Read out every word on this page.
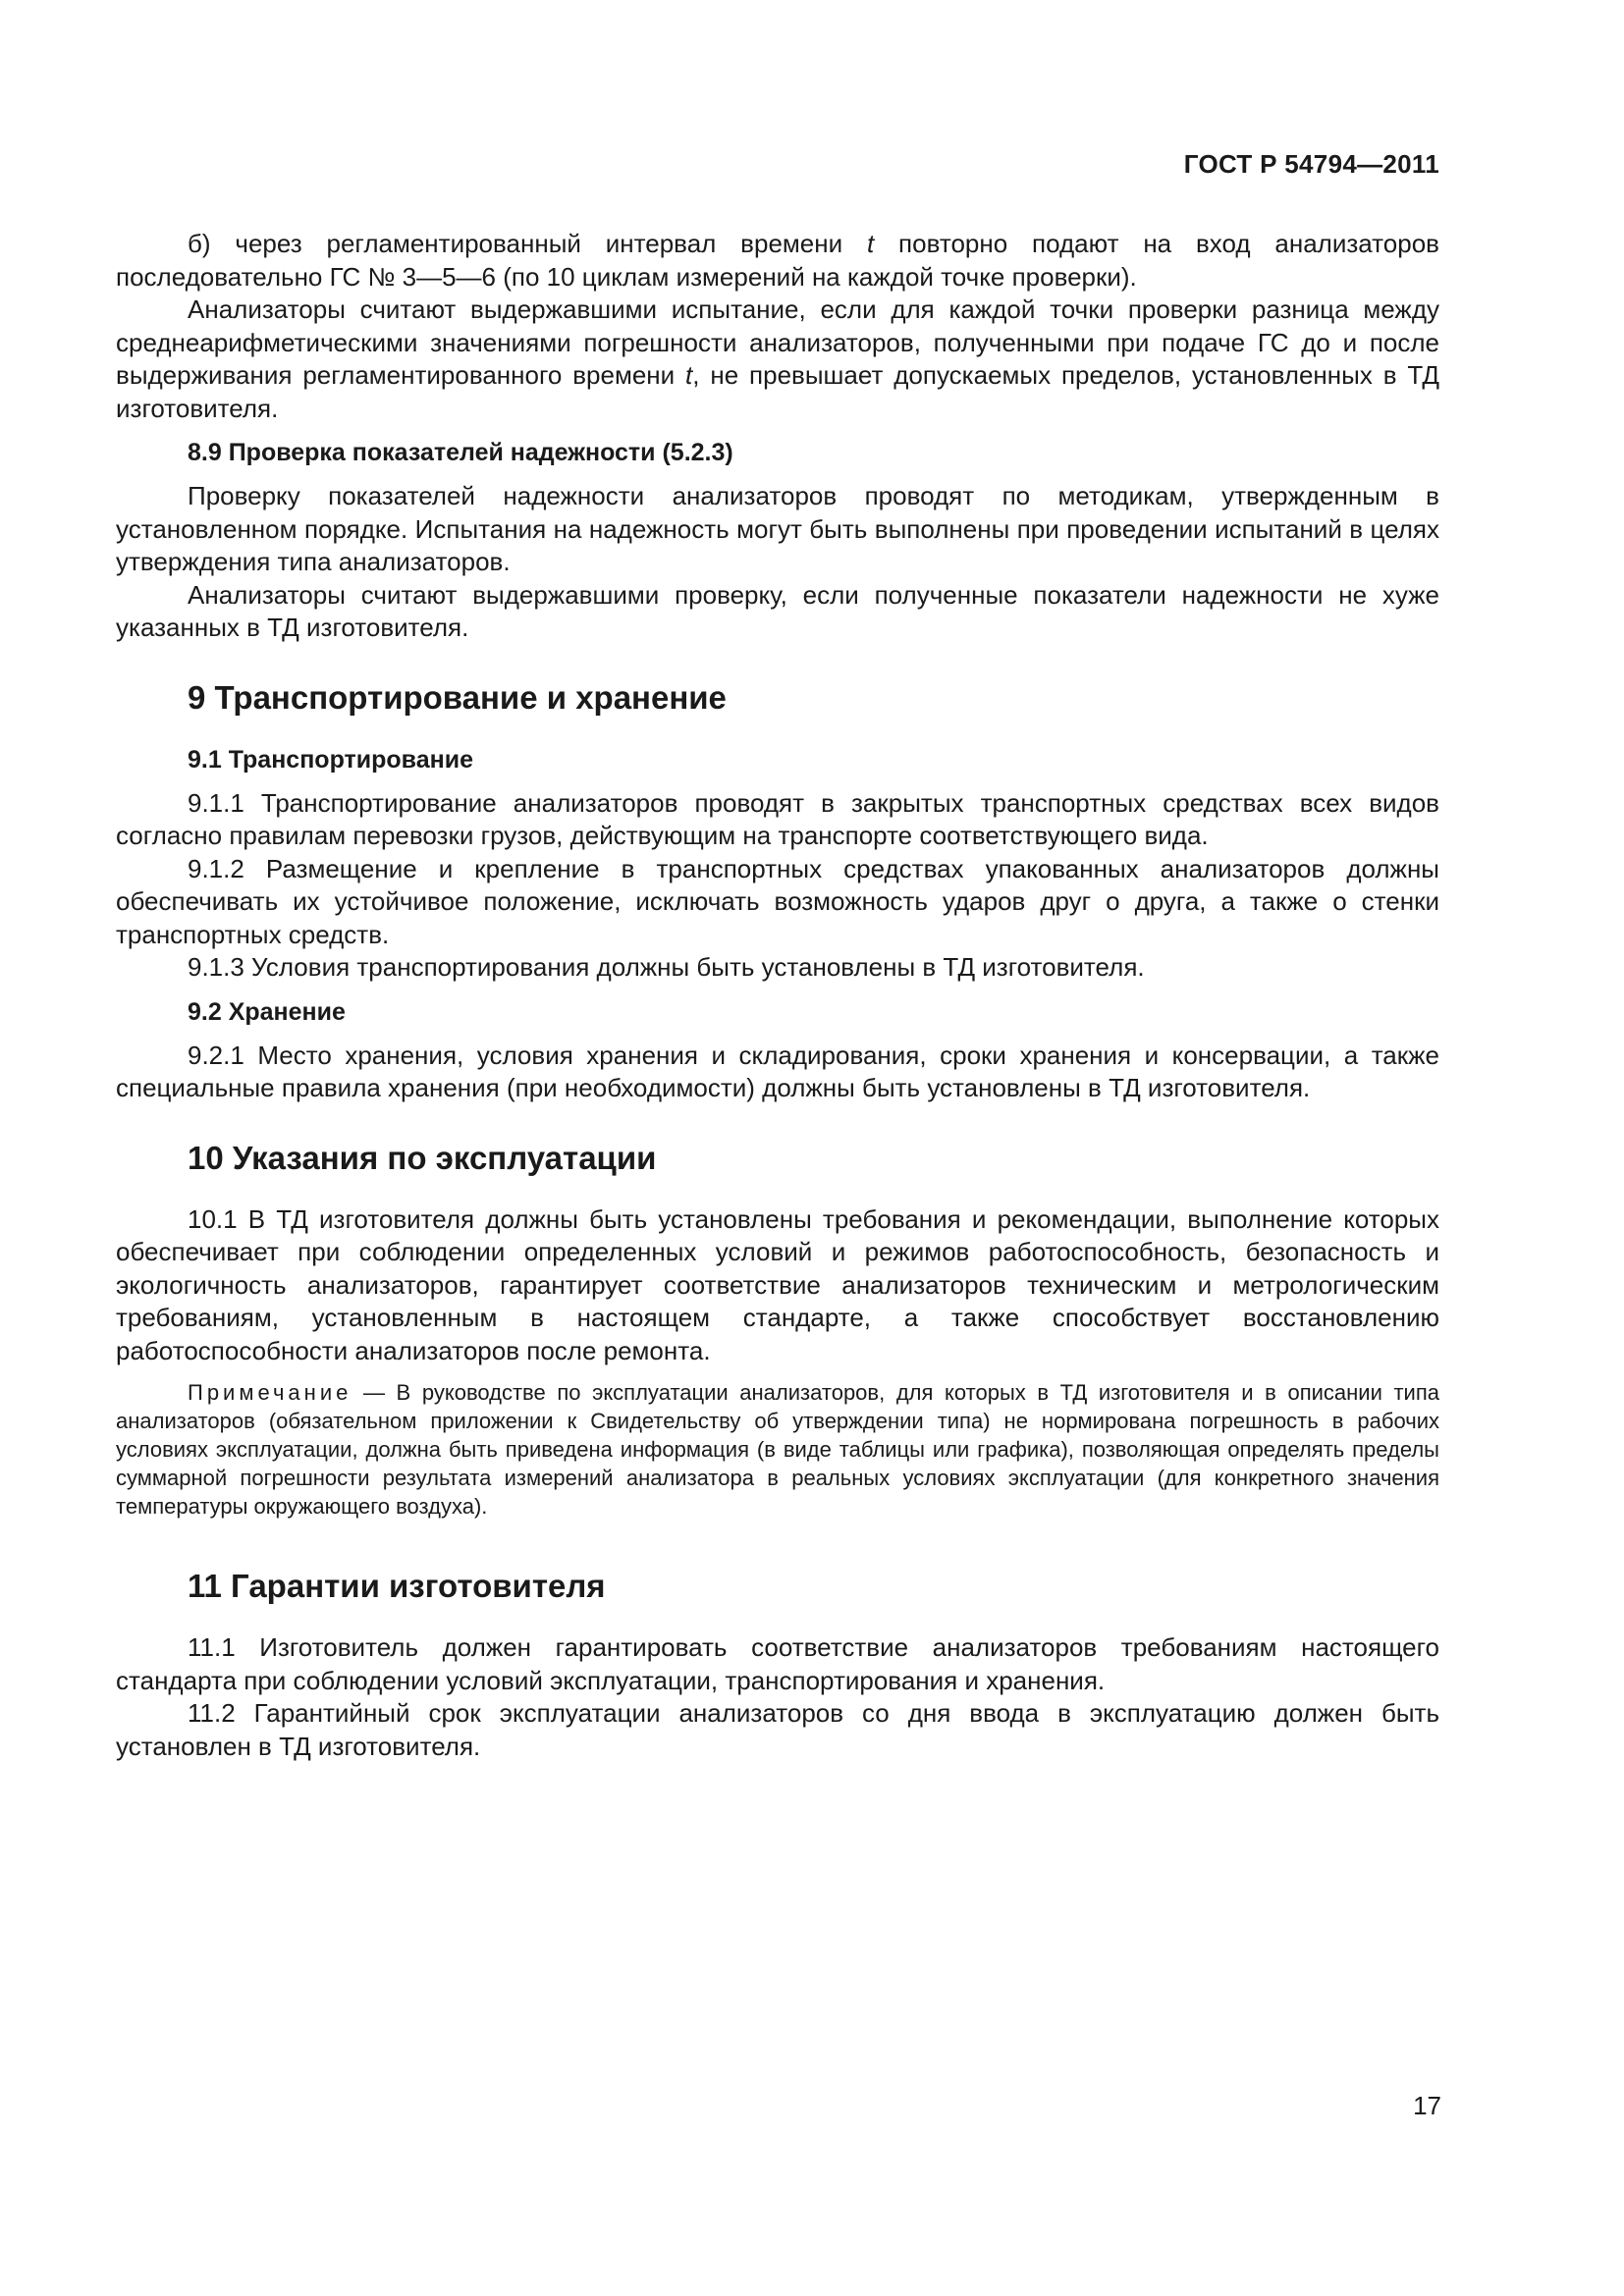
ГОСТ Р 54794—2011

б) через регламентированный интервал времени t повторно подают на вход анализаторов последовательно ГС № 3—5—6 (по 10 циклам измерений на каждой точке проверки).

Анализаторы считают выдержавшими испытание, если для каждой точки проверки разница между среднеарифметическими значениями погрешности анализаторов, полученными при подаче ГС до и после выдерживания регламентированного времени t, не превышает допускаемых пределов, установленных в ТД изготовителя.

8.9 Проверка показателей надежности (5.2.3)

Проверку показателей надежности анализаторов проводят по методикам, утвержденным в установленном порядке. Испытания на надежность могут быть выполнены при проведении испытаний в целях утверждения типа анализаторов.

Анализаторы считают выдержавшими проверку, если полученные показатели надежности не хуже указанных в ТД изготовителя.

9 Транспортирование и хранение
9.1 Транспортирование

9.1.1 Транспортирование анализаторов проводят в закрытых транспортных средствах всех видов согласно правилам перевозки грузов, действующим на транспорте соответствующего вида.

9.1.2 Размещение и крепление в транспортных средствах упакованных анализаторов должны обеспечивать их устойчивое положение, исключать возможность ударов друг о друга, а также о стенки транспортных средств.

9.1.3 Условия транспортирования должны быть установлены в ТД изготовителя.

9.2 Хранение

9.2.1 Место хранения, условия хранения и складирования, сроки хранения и консервации, а также специальные правила хранения (при необходимости) должны быть установлены в ТД изготовителя.

10 Указания по эксплуатации

10.1 В ТД изготовителя должны быть установлены требования и рекомендации, выполнение которых обеспечивает при соблюдении определенных условий и режимов работоспособность, безопасность и экологичность анализаторов, гарантирует соответствие анализаторов техническим и метрологическим требованиям, установленным в настоящем стандарте, а также способствует восстановлению работоспособности анализаторов после ремонта.

Примечание — В руководстве по эксплуатации анализаторов, для которых в ТД изготовителя и в описании типа анализаторов (обязательном приложении к Свидетельству об утверждении типа) не нормирована погрешность в рабочих условиях эксплуатации, должна быть приведена информация (в виде таблицы или графика), позволяющая определять пределы суммарной погрешности результата измерений анализатора в реальных условиях эксплуатации (для конкретного значения температуры окружающего воздуха).
11 Гарантии изготовителя

11.1 Изготовитель должен гарантировать соответствие анализаторов требованиям настоящего стандарта при соблюдении условий эксплуатации, транспортирования и хранения.

11.2 Гарантийный срок эксплуатации анализаторов со дня ввода в эксплуатацию должен быть установлен в ТД изготовителя.

17
